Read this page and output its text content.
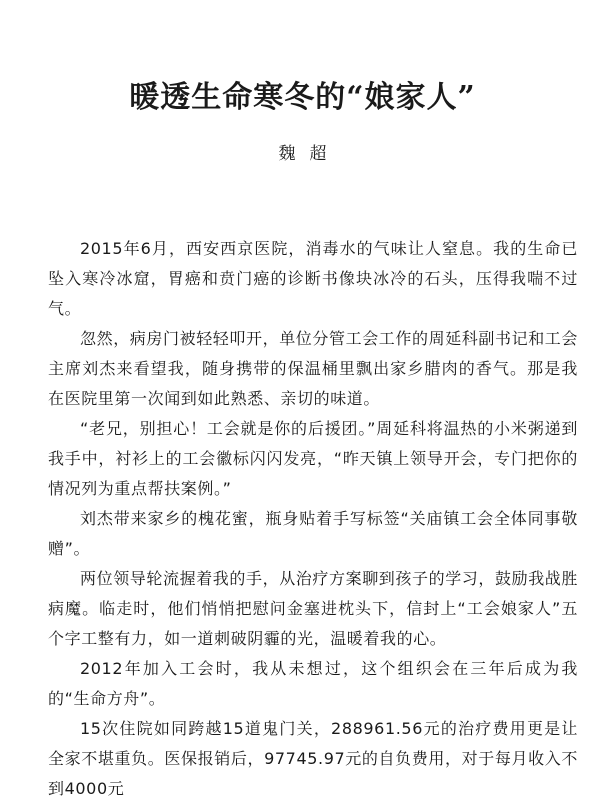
暖透生命寒冬的“娘家人”
魏超

2015年6月，西安西京医院，消毒水的气味让人窒息。我的生命已坠入寒冷冰窟，胃癌和贲门癌的诊断书像块冰冷的石头，压得我喘不过气。

忽然，病房门被轻轻叩开，单位分管工会工作的周延科副书记和工会主席刘杰来看望我，随身携带的保温桶里飘出家乡腊肉的香气。那是我在医院里第一次闻到如此熟悉、亲切的味道。

“老兄，别担心！工会就是你的后援团。”周延科将温热的小米粥递到我手中，衬衫上的工会徽标闪闪发亮，“昨天镇上领导开会，专门把你的情况列为重点帮扶案例。”

刘杰带来家乡的槐花蜜，瓶身贴着手写标签“关庙镇工会全体同事敬赠”。

两位领导轮流握着我的手，从治疗方案聊到孩子的学习，鼓励我战胜病魔。临走时，他们悄悄把慰问金塞进枕头下，信封上“工会娘家人”五个字工整有力，如一道刺破阴霾的光，温暖着我的心。

2012年加入工会时，我从未想过，这个组织会在三年后成为我的“生命方舟”。

15次住院如同跨越15道鬼门关，288961.56元的治疗费用更是让全家不堪重负。医保报销后，97745.97元的自负费用，对于每月收入不到4000元
